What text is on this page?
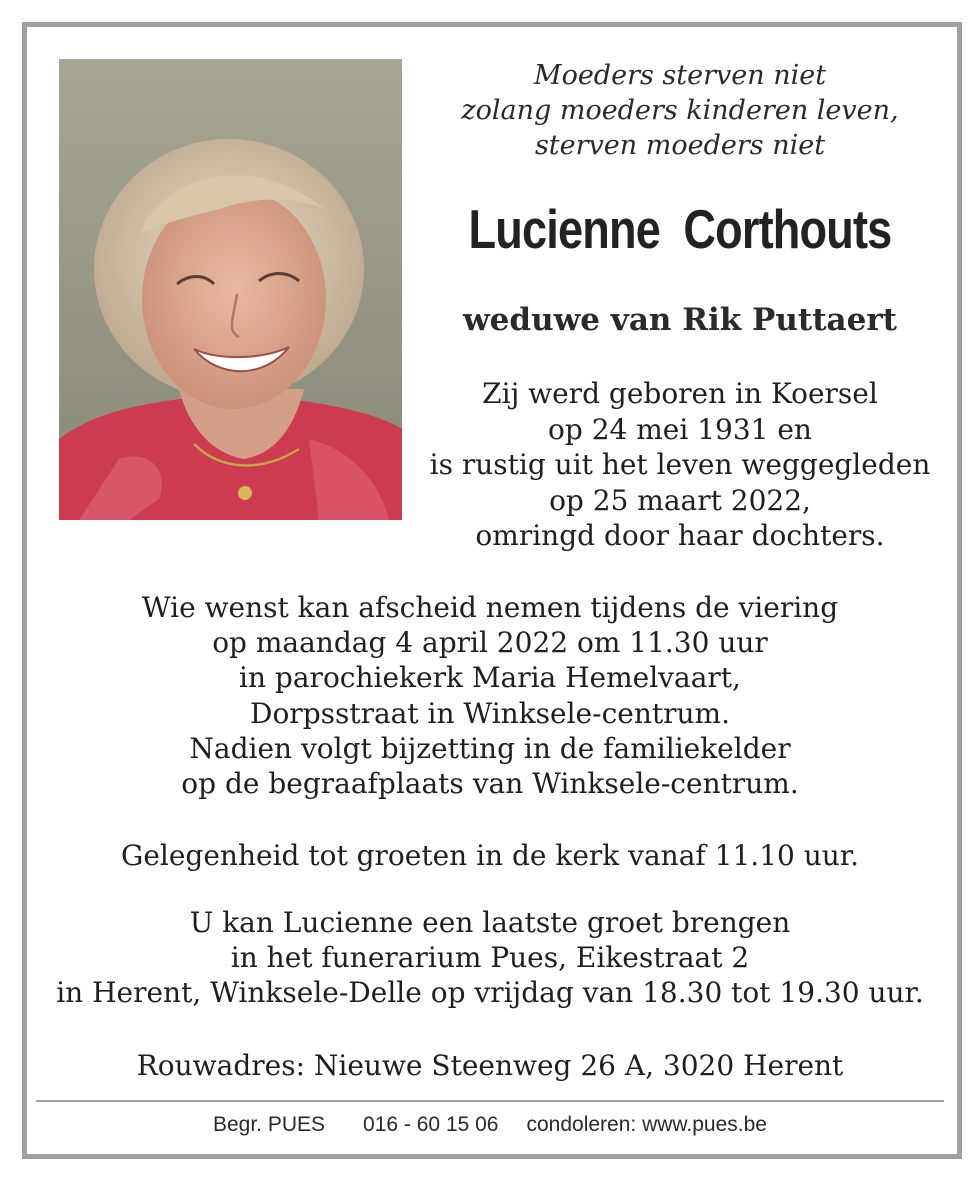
Moeders sterven niet
zolang moeders kinderen leven,
sterven moeders niet
Lucienne  Corthouts
weduwe van Rik Puttaert
Zij werd geboren in Koersel
op 24 mei 1931 en
is rustig uit het leven weggegleden
op 25 maart 2022,
omringd door haar dochters.
Wie wenst kan afscheid nemen tijdens de viering
op maandag 4 april 2022 om 11.30 uur
in parochiekerk Maria Hemelvaart,
Dorpsstraat in Winksele-centrum.
Nadien volgt bijzetting in de familiekelder
op de begraafplaats van Winksele-centrum.
Gelegenheid tot groeten in de kerk vanaf 11.10 uur.
U kan Lucienne een laatste groet brengen
in het funerarium Pues, Eikestraat 2
in Herent, Winksele-Delle op vrijdag van 18.30 tot 19.30 uur.
Rouwadres: Nieuwe Steenweg 26 A, 3020 Herent
Begr. PUES 016 - 60 15 06 condoleren: www.pues.be
